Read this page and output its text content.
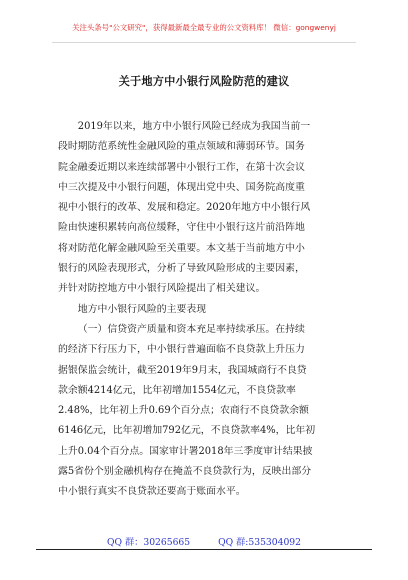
关注头条号"公文研究"，获得最新最全最专业的公文资料库！ 微信：gongwenyj
关于地方中小银行风险防范的建议

2019年以来，地方中小银行风险已经成为我国当前一
段时期防范系统性金融风险的重点领域和薄弱环节。国务
院金融委近期以来连续部署中小银行工作，在第十次会议
中三次提及中小银行问题，体现出党中央、国务院高度重
视中小银行的改革、发展和稳定。2020年地方中小银行风
险由快速积累转向高位缓释，守住中小银行这片前沿阵地
将对防范化解金融风险至关重要。本文基于当前地方中小
银行的风险表现形式，分析了导致风险形成的主要因素，
并针对防控地方中小银行风险提出了相关建议。

地方中小银行风险的主要表现

（一）信贷资产质量和资本充足率持续承压。在持续
的经济下行压力下，中小银行普遍面临不良贷款上升压力
据银保监会统计，截至2019年9月末，我国城商行不良贷
款余额4214亿元，比年初增加1554亿元，不良贷款率
2.48%，比年初上升0.69个百分点；农商行不良贷款余额
6146亿元，比年初增加792亿元，不良贷款率4%，比年初
上升0.04个百分点。国家审计署2018年三季度审计结果披
露5省份个别金融机构存在掩盖不良贷款行为，反映出部分
中小银行真实不良贷款还要高于账面水平。

QQ 群：30265665	QQ 群:535304092
